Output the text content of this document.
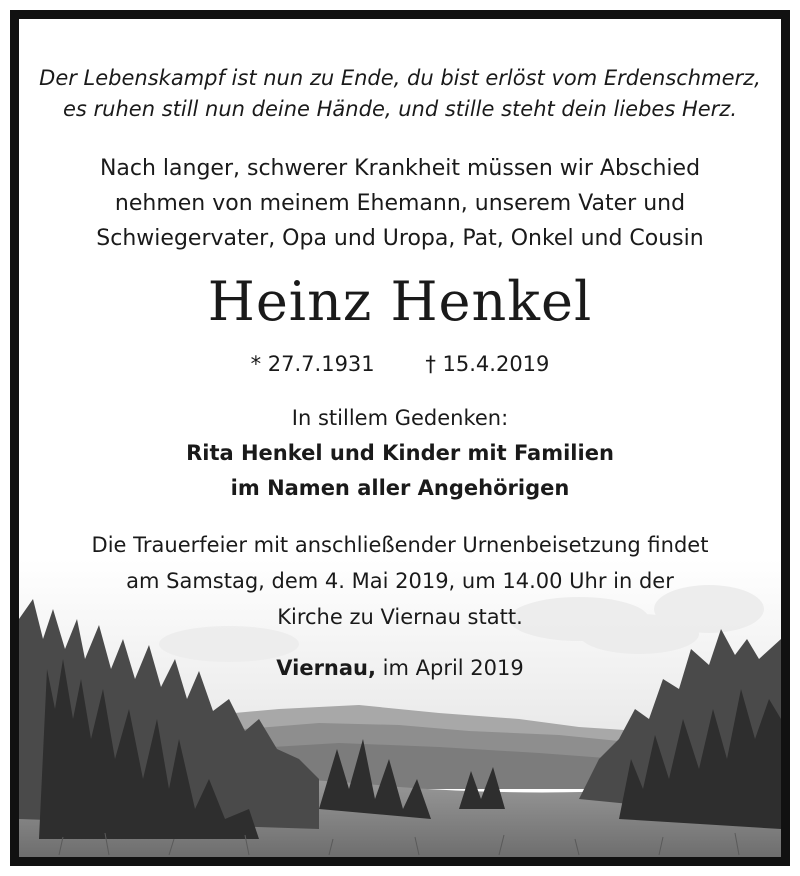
Der Lebenskampf ist nun zu Ende, du bist erlöst vom Erdenschmerz,
es ruhen still nun deine Hände, und stille steht dein liebes Herz.
Nach langer, schwerer Krankheit müssen wir Abschied
nehmen von meinem Ehemann, unserem Vater und
Schwiegervater, Opa und Uropa, Pat, Onkel und Cousin
Heinz Henkel
* 27.7.1931 † 15.4.2019
In stillem Gedenken:
Rita Henkel und Kinder mit Familien
im Namen aller Angehörigen
Die Trauerfeier mit anschließender Urnenbeisetzung findet
am Samstag, dem 4. Mai 2019, um 14.00 Uhr in der
Kirche zu Viernau statt.
Viernau, im April 2019
